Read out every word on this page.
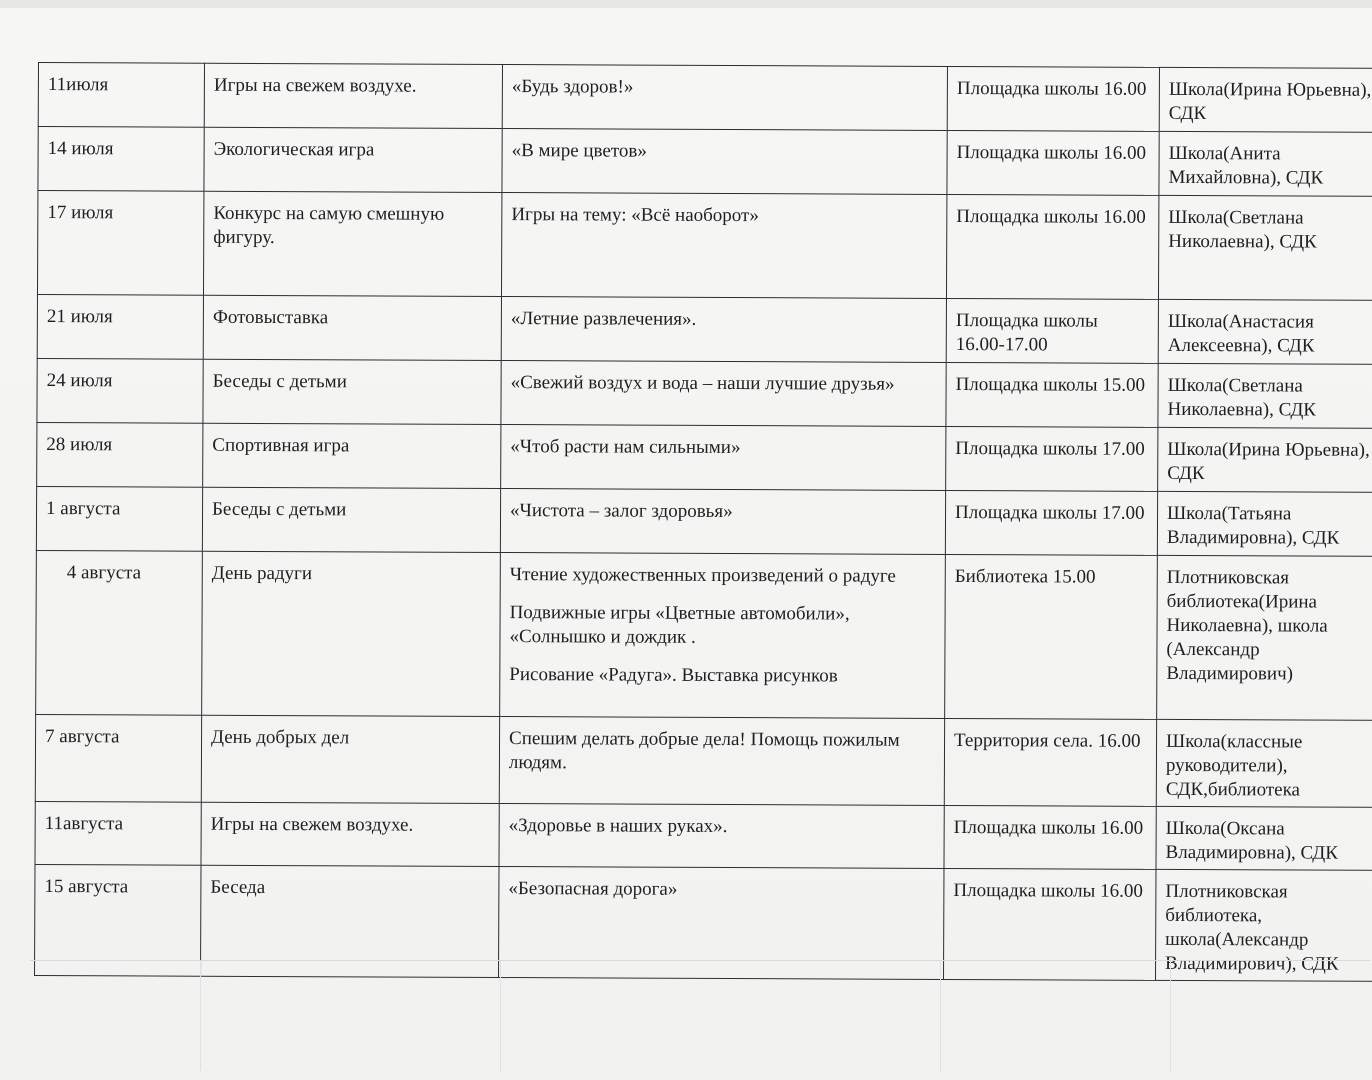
11июля	Игры на свежем воздухе.	«Будь здоров!»	Площадка школы 16.00	Школа(Ирина Юрьевна), СДК
14 июля	Экологическая игра	«В мире цветов»	Площадка школы 16.00	Школа(Анита Михайловна), СДК
17 июля	Конкурс на самую смешную фигуру.	Игры на тему: «Всё наоборот»	Площадка школы 16.00	Школа(Светлана Николаевна), СДК
21 июля	Фотовыставка	«Летние развлечения».	Площадка школы 16.00-17.00	Школа(Анастасия Алексеевна), СДК
24 июля	Беседы с детьми	«Свежий воздух и вода – наши лучшие друзья»	Площадка школы 15.00	Школа(Светлана Николаевна), СДК
28 июля	Спортивная игра	«Чтоб расти нам сильными»	Площадка школы 17.00	Школа(Ирина Юрьевна), СДК
1 августа	Беседы с детьми	«Чистота – залог здоровья»	Площадка школы 17.00	Школа(Татьяна Владимировна), СДК
4 августа	День радуги	Чтение художественных произведений о радуге
Подвижные игры «Цветные автомобили», «Солнышко и дождик .
Рисование «Радуга». Выставка рисунков	Библиотека 15.00	Плотниковская библиотека(Ирина Николаевна), школа (Александр Владимирович)
7 августа	День добрых дел	Спешим делать добрые дела! Помощь пожилым людям.	Территория села. 16.00	Школа(классные руководители), СДК,библиотека
11августа	Игры на свежем воздухе.	«Здоровье в наших руках».	Площадка школы 16.00	Школа(Оксана Владимировна), СДК
15 августа	Беседа	«Безопасная дорога»	Площадка школы 16.00	Плотниковская библиотека, школа(Александр Владимирович), СДК
